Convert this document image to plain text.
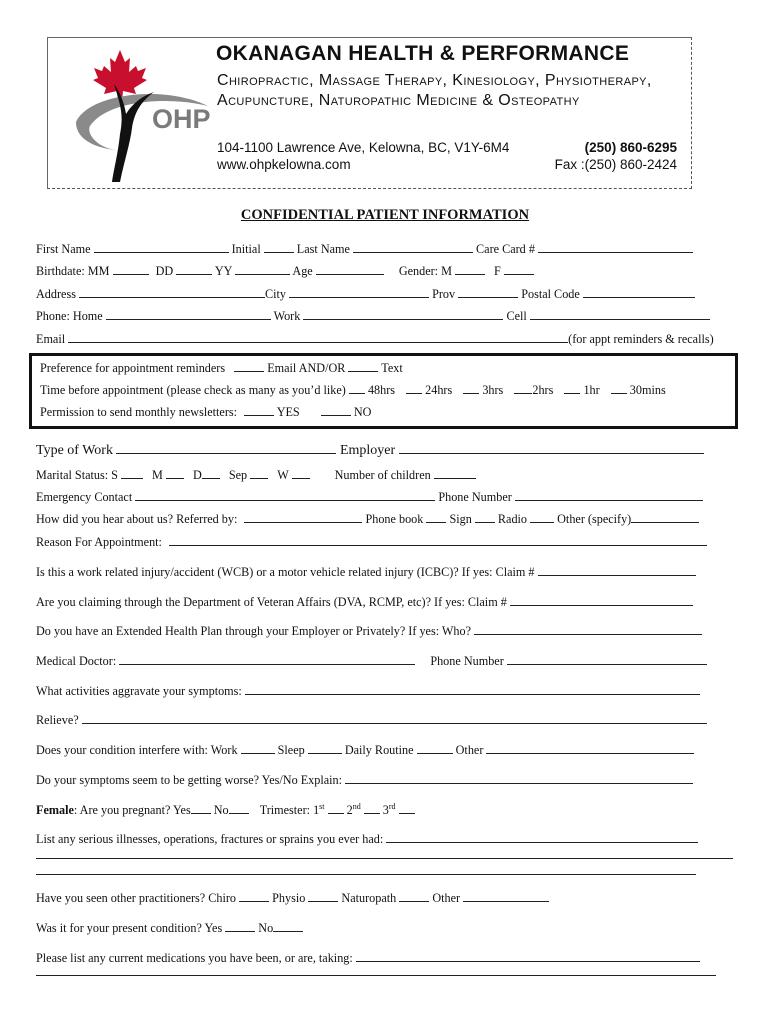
OHP
OKANAGAN HEALTH & PERFORMANCE
Chiropractic, Massage Therapy, Kinesiology, Physiotherapy, Acupuncture, Naturopathic Medicine & Osteopathy
104-1100 Lawrence Ave, Kelowna, BC, V1Y-6M4
www.ohpkelowna.com
(250) 860-6295
Fax :(250) 860-2424
CONFIDENTIAL PATIENT INFORMATION
First Name	Initial	Last Name	Care Card #
Birthdate: MM	DD	YY	Age	Gender: M	F
Address	City	Prov	Postal Code
Phone: Home	Work	Cell
Email	(for appt reminders & recalls)
Preference for appointment reminders	Email AND/OR	Text
Time before appointment (please check as many as you’d like) 48hrs 24hrs 3hrs 2hrs 1hr 30mins
Permission to send monthly newsletters:	YES	NO
Type of Work	Employer
Marital Status: S	M D Sep W	Number of children
Emergency Contact	Phone Number
How did you hear about us? Referred by:	Phone book Sign Radio Other (specify)
Reason For Appointment:
Is this a work related injury/accident (WCB) or a motor vehicle related injury (ICBC)? If yes: Claim #
Are you claiming through the Department of Veteran Affairs (DVA, RCMP, etc)? If yes: Claim #
Do you have an Extended Health Plan through your Employer or Privately? If yes: Who?
Medical Doctor:	Phone Number
What activities aggravate your symptoms:
Relieve?
Does your condition interfere with: Work	Sleep	Daily Routine	Other
Do your symptoms seem to be getting worse? Yes/No Explain:
Female: Are you pregnant? Yes No	Trimester: 1st 2nd 3rd
List any serious illnesses, operations, fractures or sprains you ever had:
Have you seen other practitioners? Chiro	Physio	Naturopath	Other
Was it for your present condition? Yes	No
Please list any current medications you have been, or are, taking:
